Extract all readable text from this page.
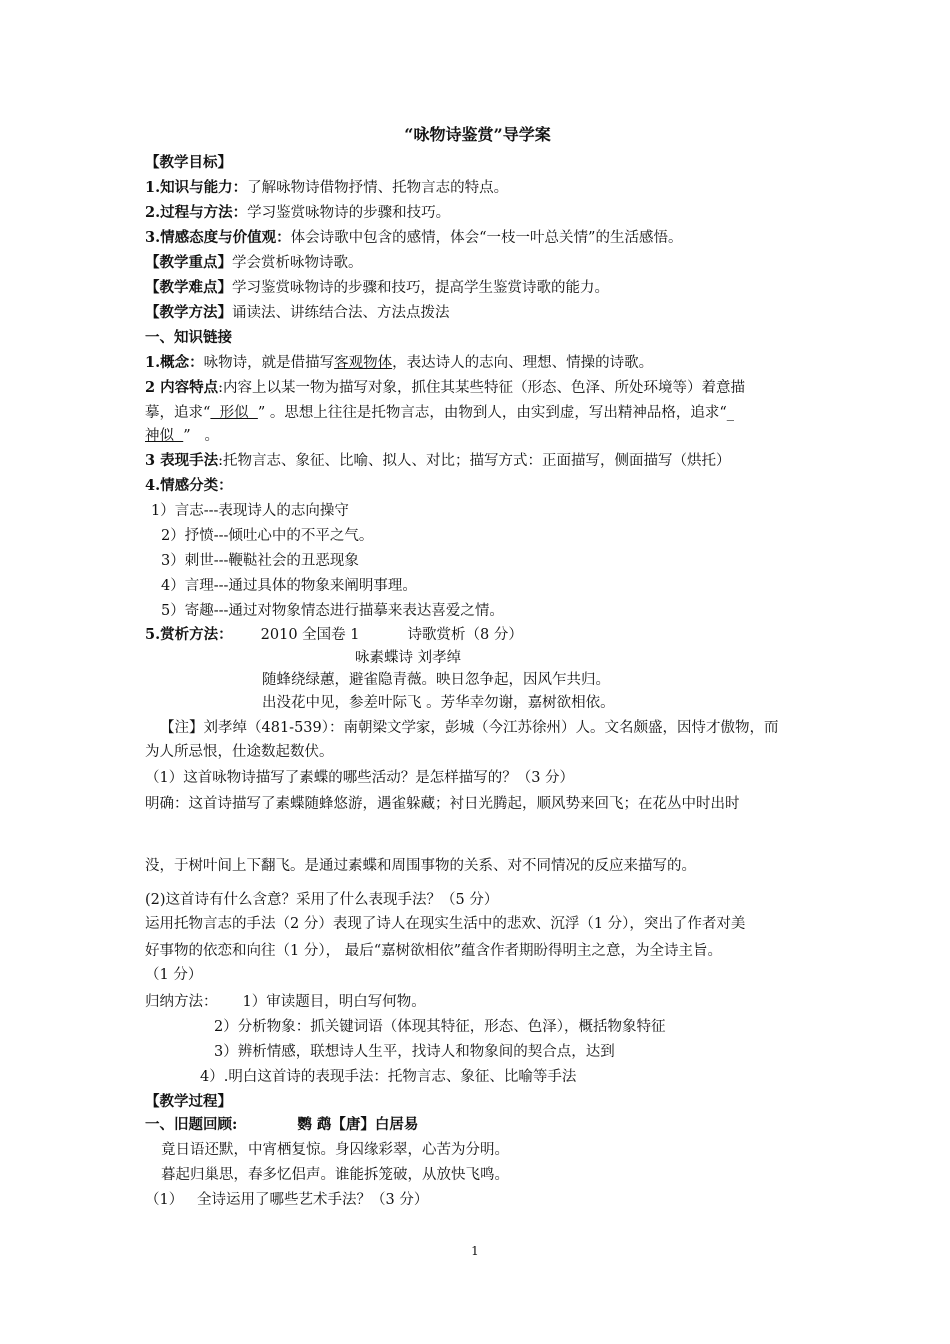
“咏物诗鉴赏”导学案
【教学目标】
1.知识与能力：了解咏物诗借物抒情、托物言志的特点。
2.过程与方法：学习鉴赏咏物诗的步骤和技巧。
3.情感态度与价值观：体会诗歌中包含的感情，体会“一枝一叶总关情”的生活感悟。
【教学重点】学会赏析咏物诗歌。
【教学难点】学习鉴赏咏物诗的步骤和技巧，提高学生鉴赏诗歌的能力。
【教学方法】诵读法、讲练结合法、方法点拨法
一、知识链接
1.概念：咏物诗，就是借描写客观物体，表达诗人的志向、理想、情操的诗歌。
2 内容特点:内容上以某一物为描写对象，抓住其某些特征（形态、色泽、所处环境等）着意描
摹，追求“  形似  ” 。思想上往往是托物言志，由物到人，由实到虚，写出精神品格，追求“_
神似  ”   。
3 表现手法:托物言志、象征、比喻、拟人、对比；描写方式：正面描写，侧面描写（烘托）
4.情感分类：
1）言志---表现诗人的志向操守
2）抒愤---倾吐心中的不平之气。
3）刺世---鞭鞑社会的丑恶现象
4）言理---通过具体的物象来阐明事理。
5）寄趣---通过对物象情态进行描摹来表达喜爱之情。
5.赏析方法： 2010 全国卷 1	诗歌赏析（8 分）
咏素蝶诗 刘孝绰
随蜂绕绿蕙，避雀隐青薇。映日忽争起，因风乍共归。
出没花中见，参差叶际飞 。芳华幸勿谢，嘉树欲相依。
【注】刘孝绰（481-539）：南朝梁文学家，彭城（今江苏徐州）人。文名颇盛，因恃才傲物，而
为人所忌恨，仕途数起数伏。
（1）这首咏物诗描写了素蝶的哪些活动？是怎样描写的？（3 分）
明确：这首诗描写了素蝶随蜂悠游，遇雀躲藏；衬日光腾起，顺风势来回飞；在花丛中时出时
没，于树叶间上下翻飞。是通过素蝶和周围事物的关系、对不同情况的反应来描写的。
(2)这首诗有什么含意？采用了什么表现手法？（5 分）
运用托物言志的手法（2 分）表现了诗人在现实生活中的悲欢、沉浮（1 分），突出了作者对美
好事物的依恋和向往（1 分）， 最后“嘉树欲相依”蕴含作者期盼得明主之意，为全诗主旨。
（1 分）
归纳方法： 1）审读题目，明白写何物。
2）分析物象：抓关键词语（体现其特征，形态、色泽），概括物象特征
3）辨析情感，联想诗人生平，找诗人和物象间的契合点，达到
4）.明白这首诗的表现手法：托物言志、象征、比喻等手法
【教学过程】
一、旧题回顾:	鹦 鹉【唐】白居易
竟日语还默，中宵栖复惊。身囚缘彩翠，心苦为分明。
暮起归巢思，春多忆侣声。谁能拆笼破，从放快飞鸣。
（1）   全诗运用了哪些艺术手法？（3 分）
1
